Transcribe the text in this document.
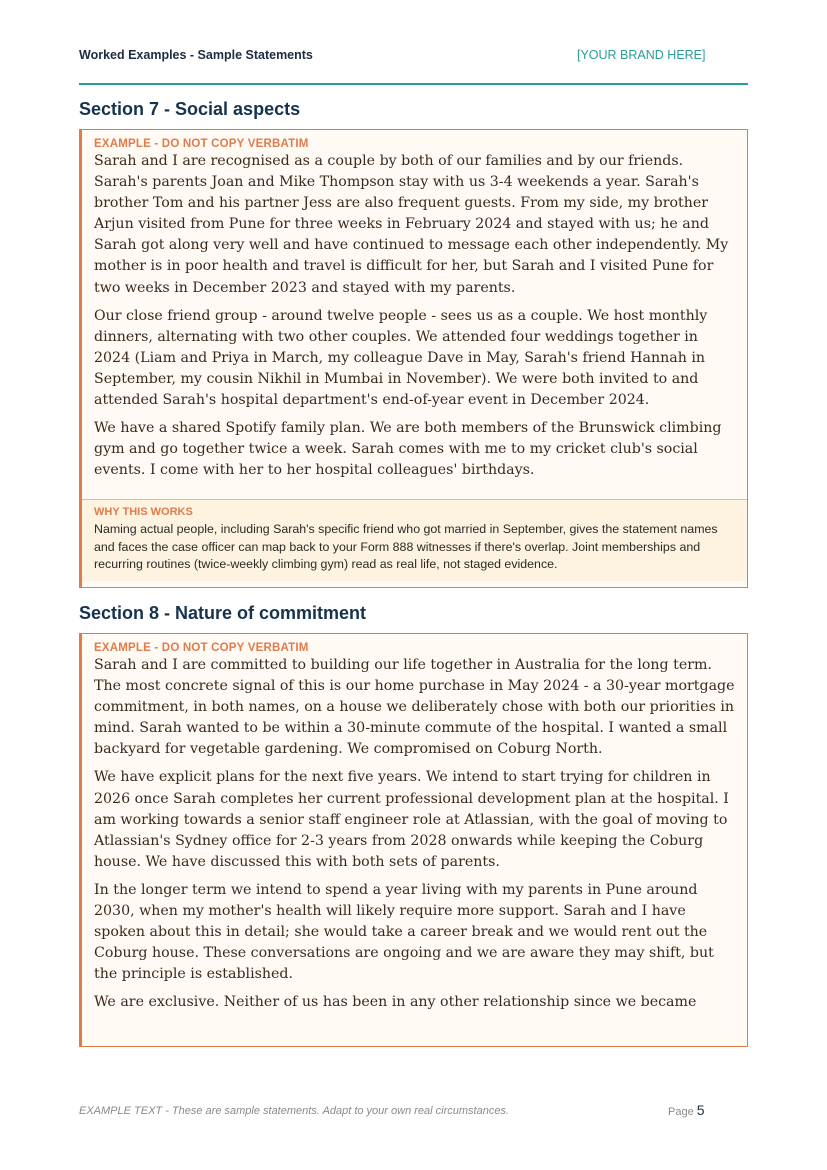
Worked Examples - Sample Statements	[YOUR BRAND HERE]
Section 7 - Social aspects
EXAMPLE - DO NOT COPY VERBATIM

Sarah and I are recognised as a couple by both of our families and by our friends. Sarah's parents Joan and Mike Thompson stay with us 3-4 weekends a year. Sarah's brother Tom and his partner Jess are also frequent guests. From my side, my brother Arjun visited from Pune for three weeks in February 2024 and stayed with us; he and Sarah got along very well and have continued to message each other independently. My mother is in poor health and travel is difficult for her, but Sarah and I visited Pune for two weeks in December 2023 and stayed with my parents.

Our close friend group - around twelve people - sees us as a couple. We host monthly dinners, alternating with two other couples. We attended four weddings together in 2024 (Liam and Priya in March, my colleague Dave in May, Sarah's friend Hannah in September, my cousin Nikhil in Mumbai in November). We were both invited to and attended Sarah's hospital department's end-of-year event in December 2024.

We have a shared Spotify family plan. We are both members of the Brunswick climbing gym and go together twice a week. Sarah comes with me to my cricket club's social events. I come with her to her hospital colleagues' birthdays.

WHY THIS WORKS

Naming actual people, including Sarah's specific friend who got married in September, gives the statement names and faces the case officer can map back to your Form 888 witnesses if there's overlap. Joint memberships and recurring routines (twice-weekly climbing gym) read as real life, not staged evidence.

Section 8 - Nature of commitment
EXAMPLE - DO NOT COPY VERBATIM

Sarah and I are committed to building our life together in Australia for the long term. The most concrete signal of this is our home purchase in May 2024 - a 30-year mortgage commitment, in both names, on a house we deliberately chose with both our priorities in mind. Sarah wanted to be within a 30-minute commute of the hospital. I wanted a small backyard for vegetable gardening. We compromised on Coburg North.

We have explicit plans for the next five years. We intend to start trying for children in 2026 once Sarah completes her current professional development plan at the hospital. I am working towards a senior staff engineer role at Atlassian, with the goal of moving to Atlassian's Sydney office for 2-3 years from 2028 onwards while keeping the Coburg house. We have discussed this with both sets of parents.

In the longer term we intend to spend a year living with my parents in Pune around 2030, when my mother's health will likely require more support. Sarah and I have spoken about this in detail; she would take a career break and we would rent out the Coburg house. These conversations are ongoing and we are aware they may shift, but the principle is established.

We are exclusive. Neither of us has been in any other relationship since we became

EXAMPLE TEXT - These are sample statements. Adapt to your own real circumstances.	Page 5
